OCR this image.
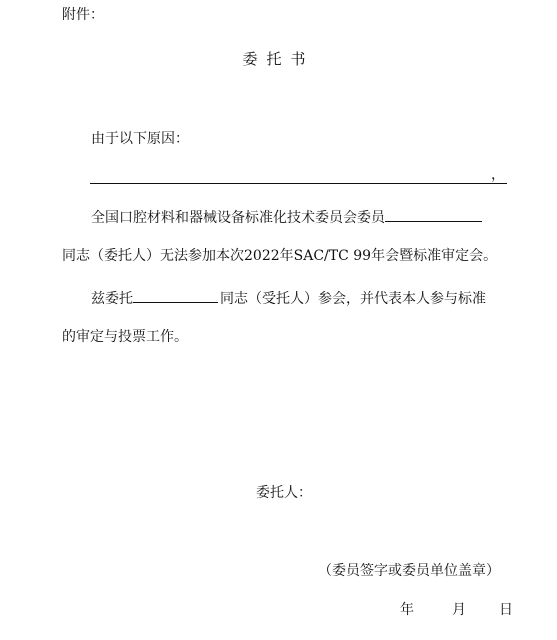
附件：
委托书
由于以下原因：
，
全国口腔材料和器械设备标准化技术委员会委员
同志（委托人）无法参加本次2022年SAC/TC 99年会暨标准审定会。
兹委托	同志（受托人）参会，并代表本人参与标准
的审定与投票工作。
委托人：
（委员签字或委员单位盖章）
年	月 日
